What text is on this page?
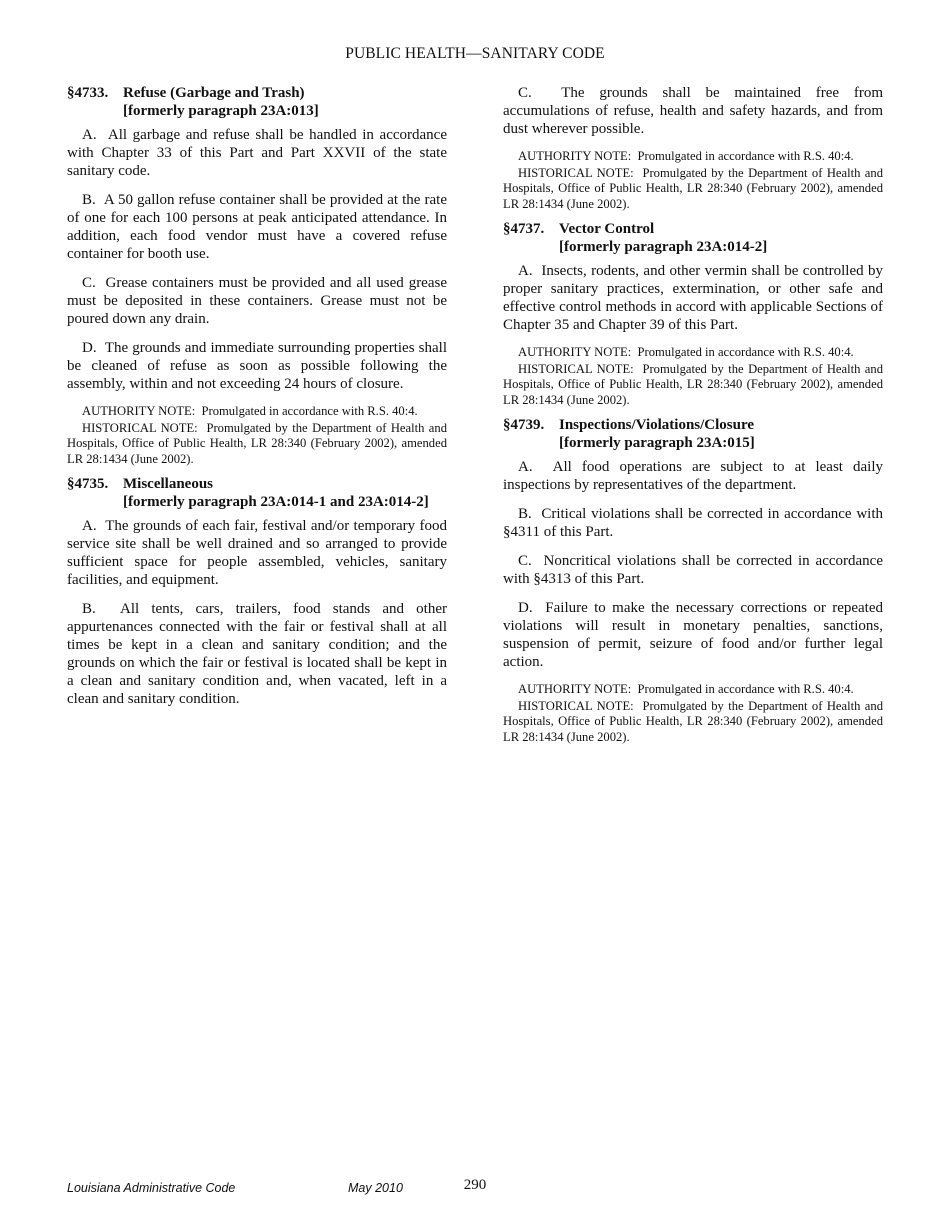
PUBLIC HEALTH—SANITARY CODE
§4733. Refuse (Garbage and Trash)
[formerly paragraph 23A:013]

A.  All garbage and refuse shall be handled in accordance with Chapter 33 of this Part and Part XXVII of the state sanitary code.

B.  A 50 gallon refuse container shall be provided at the rate of one for each 100 persons at peak anticipated attendance. In addition, each food vendor must have a covered refuse container for booth use.

C.  Grease containers must be provided and all used grease must be deposited in these containers. Grease must not be poured down any drain.

D.  The grounds and immediate surrounding properties shall be cleaned of refuse as soon as possible following the assembly, within and not exceeding 24 hours of closure.

AUTHORITY NOTE:  Promulgated in accordance with R.S. 40:4.

HISTORICAL NOTE:  Promulgated by the Department of Health and Hospitals, Office of Public Health, LR 28:340 (February 2002), amended LR 28:1434 (June 2002).

§4735. Miscellaneous
[formerly paragraph 23A:014-1 and 23A:014-2]

A.  The grounds of each fair, festival and/or temporary food service site shall be well drained and so arranged to provide sufficient space for people assembled, vehicles, sanitary facilities, and equipment.

B.  All tents, cars, trailers, food stands and other appurtenances connected with the fair or festival shall at all times be kept in a clean and sanitary condition; and the grounds on which the fair or festival is located shall be kept in a clean and sanitary condition and, when vacated, left in a clean and sanitary condition.

C.  The grounds shall be maintained free from accumulations of refuse, health and safety hazards, and from dust wherever possible.

AUTHORITY NOTE:  Promulgated in accordance with R.S. 40:4.

HISTORICAL NOTE:  Promulgated by the Department of Health and Hospitals, Office of Public Health, LR 28:340 (February 2002), amended LR 28:1434 (June 2002).

§4737. Vector Control
[formerly paragraph 23A:014-2]

A.  Insects, rodents, and other vermin shall be controlled by proper sanitary practices, extermination, or other safe and effective control methods in accord with applicable Sections of Chapter 35 and Chapter 39 of this Part.

AUTHORITY NOTE:  Promulgated in accordance with R.S. 40:4.

HISTORICAL NOTE:  Promulgated by the Department of Health and Hospitals, Office of Public Health, LR 28:340 (February 2002), amended LR 28:1434 (June 2002).

§4739. Inspections/Violations/Closure
[formerly paragraph 23A:015]

A.  All food operations are subject to at least daily inspections by representatives of the department.

B.  Critical violations shall be corrected in accordance with §4311 of this Part.

C.  Noncritical violations shall be corrected in accordance with §4313 of this Part.

D.  Failure to make the necessary corrections or repeated violations will result in monetary penalties, sanctions, suspension of permit, seizure of food and/or further legal action.

AUTHORITY NOTE:  Promulgated in accordance with R.S. 40:4.

HISTORICAL NOTE:  Promulgated by the Department of Health and Hospitals, Office of Public Health, LR 28:340 (February 2002), amended LR 28:1434 (June 2002).

Louisiana Administrative Code	May 2010	290
